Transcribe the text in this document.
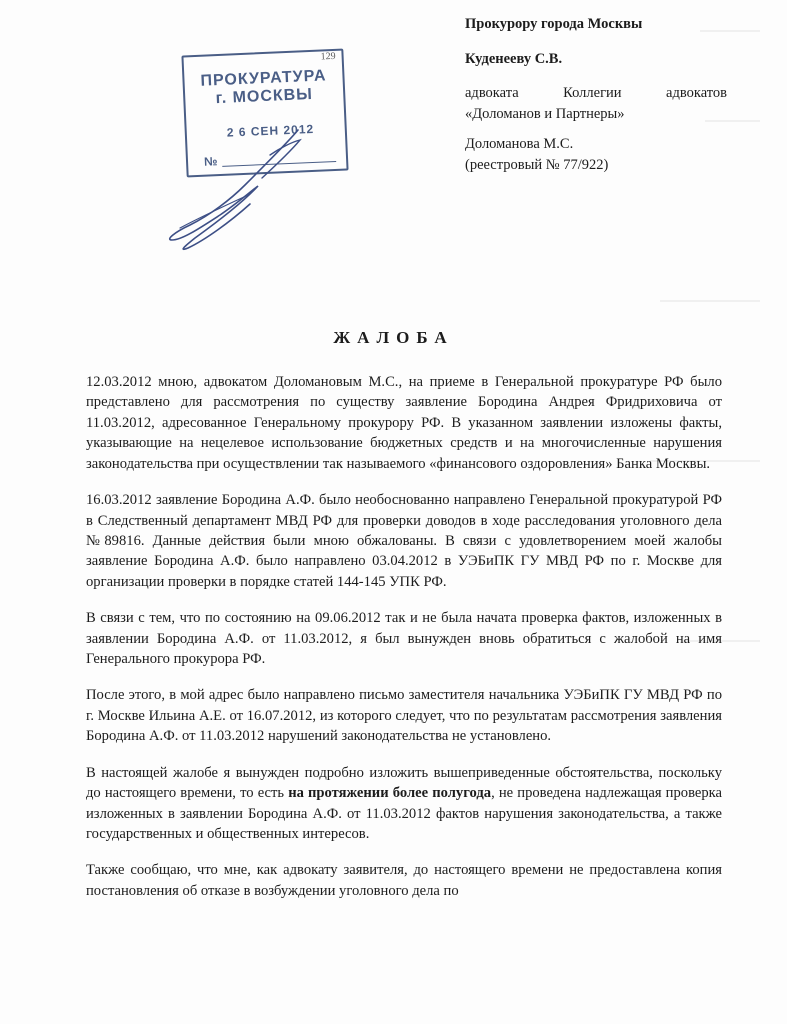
Прокурору города Москвы
Куденееву С.В.
адвоката Коллегии адвокатов
«Доломанов и Партнеры»
Доломанова М.С.
(реестровый № 77/922)
129
ПРОКУРАТУРА
г. МОСКВЫ
2 6 СЕН 2012
№
ЖАЛОБА

12.03.2012 мною, адвокатом Доломановым М.С., на приеме в Генеральной прокуратуре РФ было представлено для рассмотрения по существу заявление Бородина Андрея Фридриховича от 11.03.2012, адресованное Генеральному прокурору РФ. В указанном заявлении изложены факты, указывающие на нецелевое использование бюджетных средств и на многочисленные нарушения законодательства при осуществлении так называемого «финансового оздоровления» Банка Москвы.

16.03.2012 заявление Бородина А.Ф. было необоснованно направлено Генеральной прокуратурой РФ в Следственный департамент МВД РФ для проверки доводов в ходе расследования уголовного дела №89816. Данные действия были мною обжалованы. В связи с удовлетворением моей жалобы заявление Бородина А.Ф. было направлено 03.04.2012 в УЭБиПК ГУ МВД РФ по г. Москве для организации проверки в порядке статей 144-145 УПК РФ.

В связи с тем, что по состоянию на 09.06.2012 так и не была начата проверка фактов, изложенных в заявлении Бородина А.Ф. от 11.03.2012, я был вынужден вновь обратиться с жалобой на имя Генерального прокурора РФ.

После этого, в мой адрес было направлено письмо заместителя начальника УЭБиПК ГУ МВД РФ по г. Москве Ильина А.Е. от 16.07.2012, из которого следует, что по результатам рассмотрения заявления Бородина А.Ф. от 11.03.2012 нарушений законодательства не установлено.

В настоящей жалобе я вынужден подробно изложить вышеприведенные обстоятельства, поскольку до настоящего времени, то есть на протяжении более полугода, не проведена надлежащая проверка изложенных в заявлении Бородина А.Ф. от 11.03.2012 фактов нарушения законодательства, а также государственных и общественных интересов.

Также сообщаю, что мне, как адвокату заявителя, до настоящего времени не предоставлена копия постановления об отказе в возбуждении уголовного дела по
